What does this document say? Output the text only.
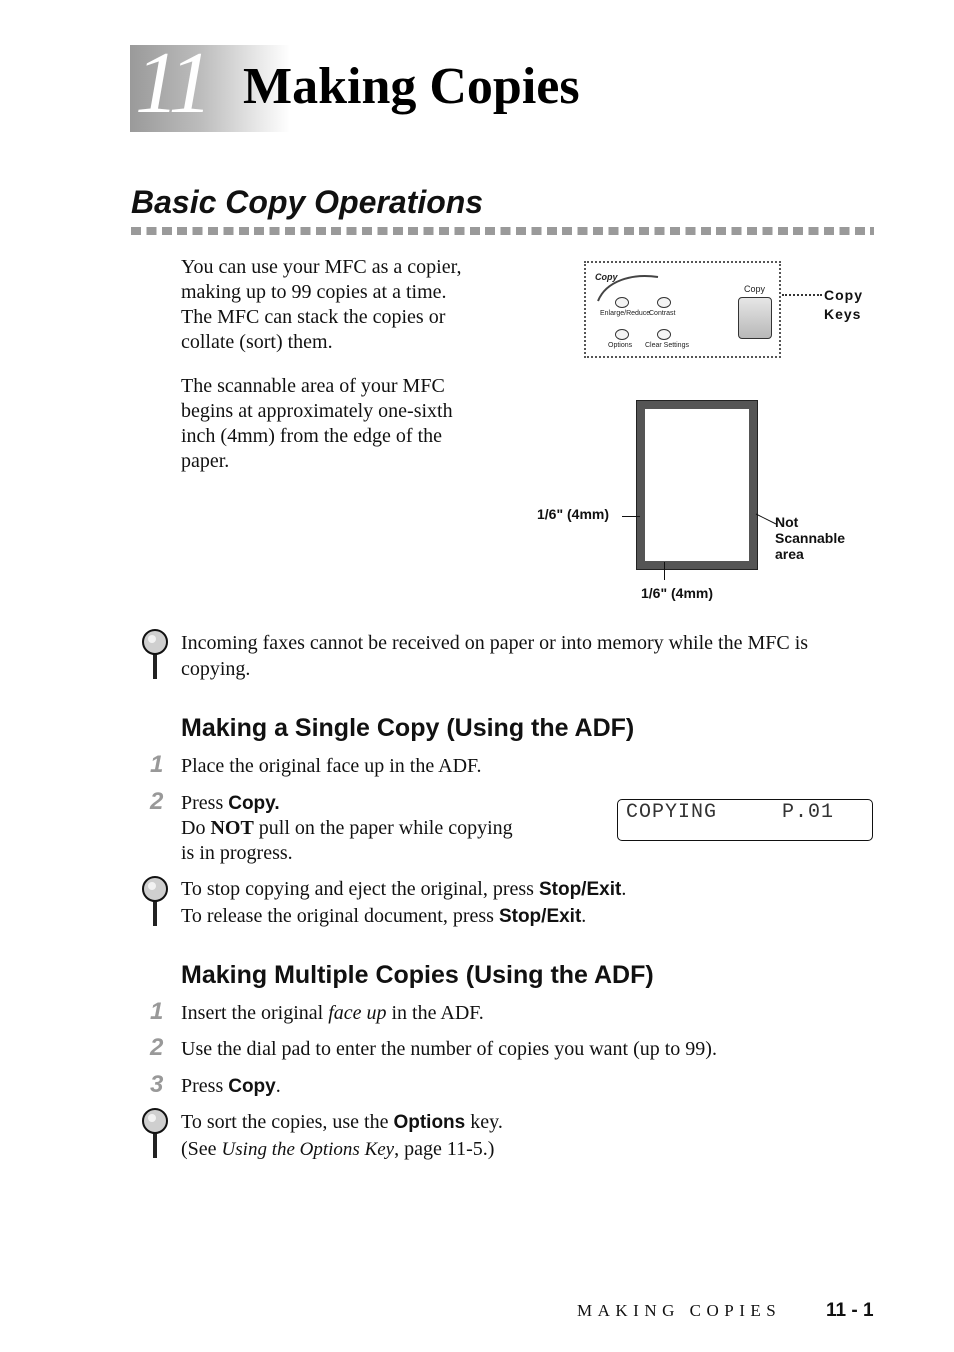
11 Making Copies
Basic Copy Operations
You can use your MFC as a copier,
making up to 99 copies at a time.
The MFC can stack the copies or
collate (sort) them.
The scannable area of your MFC
begins at approximately one-sixth
inch (4mm) from the edge of the
paper.
Copy
Enlarge/Reduce
Contrast
Options Clear Settings
Copy	Copy
Keys
1/6" (4mm)
1/6" (4mm)
Not
Scannable
area
Incoming faxes cannot be received on paper or into memory while the MFC is
copying.
Making a Single Copy (Using the ADF)
1 Place the original face up in the ADF.
2 Press Copy.
Do NOT pull on the paper while copying
is in progress.
COPYING     P.01
To stop copying and eject the original, press Stop/Exit.
To release the original document, press Stop/Exit.
Making Multiple Copies (Using the ADF)
1 Insert the original face up in the ADF.
2 Use the dial pad to enter the number of copies you want (up to 99).
3 Press Copy.
To sort the copies, use the Options key.
(See Using the Options Key, page 11-5.)
MAKING COPIES 11 - 1
